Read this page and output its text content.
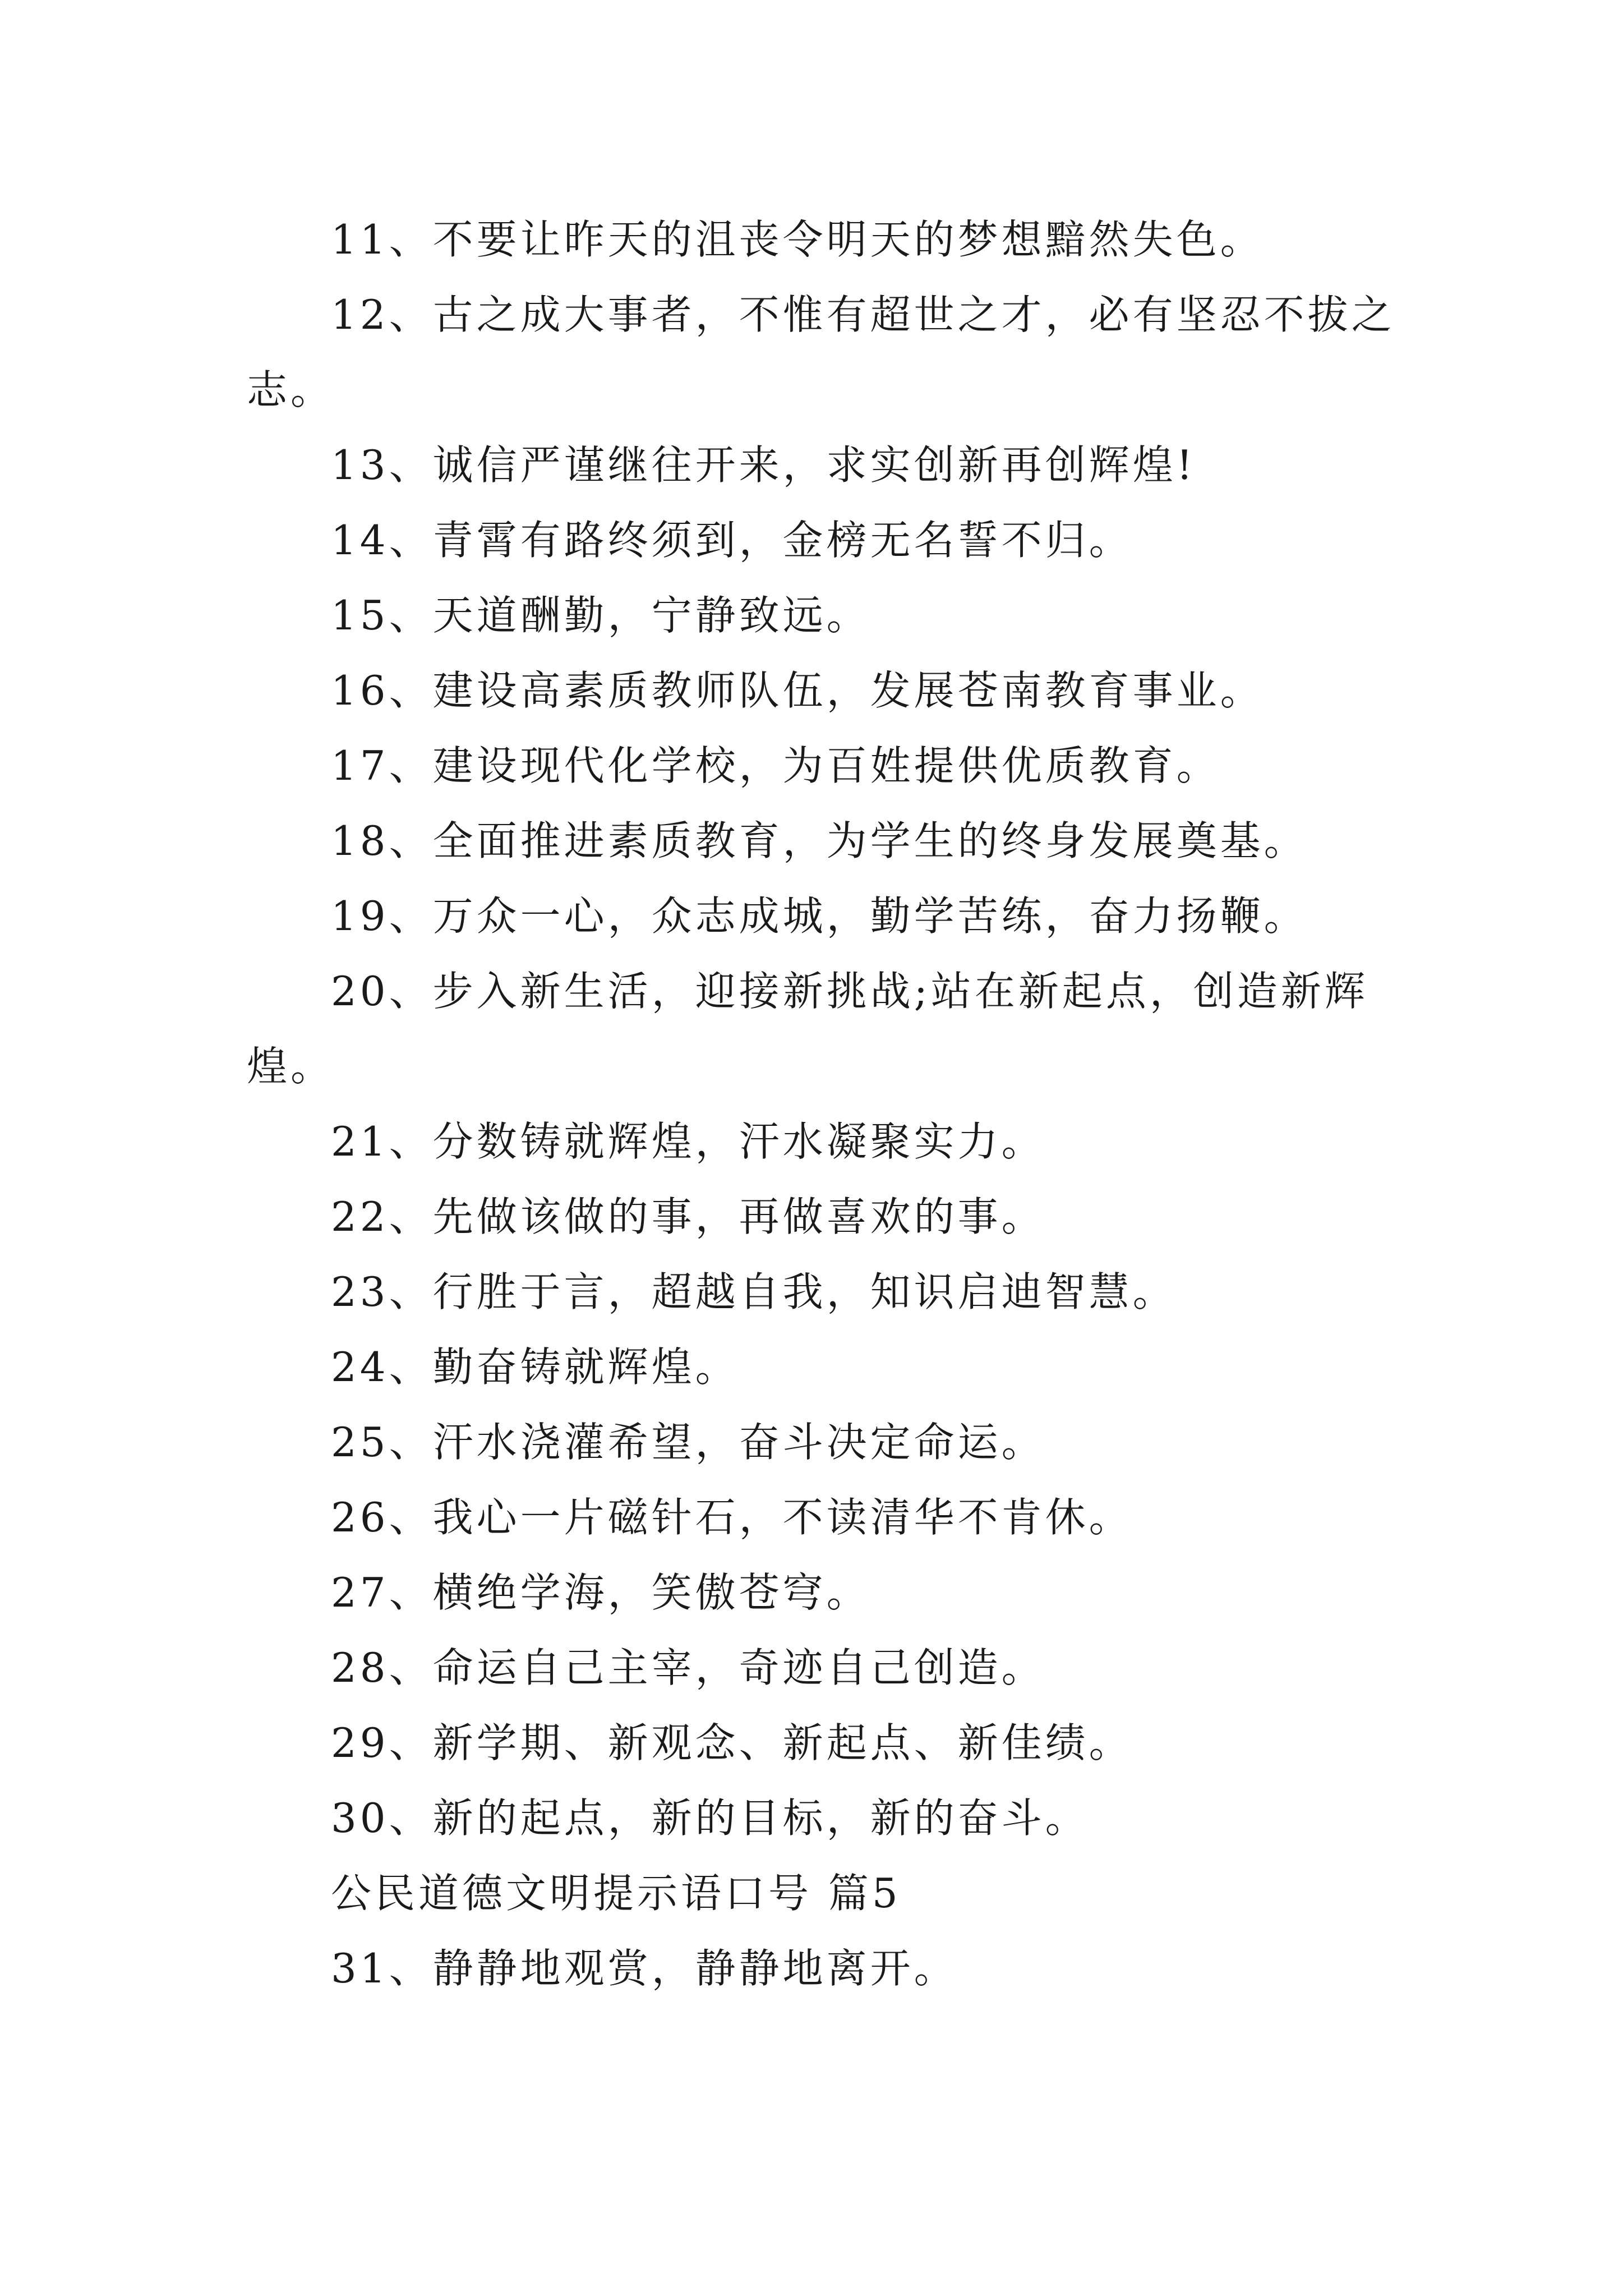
11、不要让昨天的沮丧令明天的梦想黯然失色。
12、古之成大事者，不惟有超世之才，必有坚忍不拔之
志。
13、诚信严谨继往开来，求实创新再创辉煌!
14、青霄有路终须到，金榜无名誓不归。
15、天道酬勤，宁静致远。
16、建设高素质教师队伍，发展苍南教育事业。
17、建设现代化学校，为百姓提供优质教育。
18、全面推进素质教育，为学生的终身发展奠基。
19、万众一心，众志成城，勤学苦练，奋力扬鞭。
20、步入新生活，迎接新挑战;站在新起点，创造新辉
煌。
21、分数铸就辉煌，汗水凝聚实力。
22、先做该做的事，再做喜欢的事。
23、行胜于言，超越自我，知识启迪智慧。
24、勤奋铸就辉煌。
25、汗水浇灌希望，奋斗决定命运。
26、我心一片磁针石，不读清华不肯休。
27、横绝学海，笑傲苍穹。
28、命运自己主宰，奇迹自己创造。
29、新学期、新观念、新起点、新佳绩。
30、新的起点，新的目标，新的奋斗。
公民道德文明提示语口号 篇5
31、静静地观赏，静静地离开。
